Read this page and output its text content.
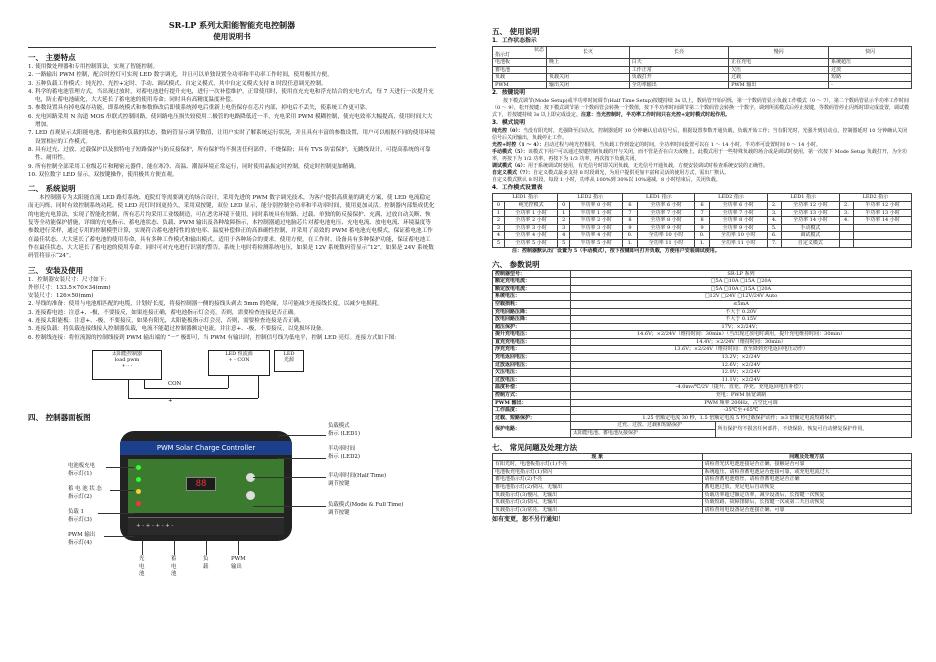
SR-LP 系列太阳能智能充电控制器
使用说明书
一、 主要特点
1. 使用微处理器和专用控制算法，实现了智能控制。
2. 一路输出 PWM 控制，配合时控灯可实现 LED 数字调光，并且可以单独设置全功率和半功率工作时间，使用极其方便。
3. 五种负载工作模式：纯光控、光控+定时、手动、调试模式、自定义模式，其中自定义模式支持 8 时段任意调光控制。
4. 科学的蓄电池管理方式，当出现过放时，对蓄电池进行提升充电，进行一次补偿维护，正常使用时，使用直充充电和浮充结合的充电方式，每 7 天进行一次提升充电，防止蓄电池硫化，大大延长了蓄电池的使用寿命；同时具有高精度温度补偿。
5. 参数设置具有掉电保存功能，即系统模式和参数修改后即使系统掉电后重新上电仍保存在芯片内部，掉电后不丢失，使系统工作更可靠。
6. 充电回路采用 N 沟道 MOS 串联式控制回路，使回路电压损失较使用二极管的电路降低近一半，充电采用 PWM 模糊控制，使充电效率大幅提高，使用时间大大增加。
7. LED 直观显示太阳能电池、蓄电池和负载的状态，数码管显示调节数值，让用户实时了解系统运行状况，并且具有丰富的参数设置，用户可以根据不同的使用环境设置相应的工作模式。
8. 具有过充、过放、过载保护以及独特电子短路保护与防反接保护，所有保护均不损害任何部件，不烧保险；具有 TVS 防雷保护，无跳线设计，可提高系统的可靠性、耐用性。
9. 所有控制全部采用工业级芯片和精密元器件，能在寒冷、高温、潮湿环境正常运行，同时使用晶振定时控制，使定时控制更加精确。
10. 双位数字 LED 显示，双按键操作，使用极其方便直观。
二、 系统说明
本控制器专为太阳能直流 LED 路灯系统、庭院灯等需要调光的场合设计，采用先进的 PWM 数字调光技术，为客户提供高质量的调光方案，使 LED 电流稳定而无闪烁，同时有效控制系统功耗。使 LED 亮灯时间更持久，采用双按键，双位 LED 显示，能分别控制全功率和半功率时间，使用更加灵活。控制器内部集成优化的电池充电算法，实现了智能化控制，所有芯片均采用工业级制造，可在恶劣环境下使用，同时系统具有短路、过载、单独的防反接保护、充满、过放自动关断、恢复等全功能保护措施，详细的充电指示、蓄电池状态、负载、PWM 输出及各种故障指示，本控制器通过电脑芯片对蓄电池电压、充电电流、放电电流、环境温度等参数进行采样，通过专用的控制模型计算，实现符合蓄电池特性的放电率、温度补偿修正的高准确性控制，并采用了高效的 PWM 蓄电池充电模式，保证蓄电池工作在最佳状态，大大延长了蓄电池的使用寿命，具有多种工作模式和输出模式。适用于各种场合的要求，使用方便，在工作时，设备具有多种保护功能，保证蓄电池工作在最佳状态，大大延长了蓄电池的使用寿命。同时可对充电进行识别的警告。系统上电时将检测系统电压，如果是 12V 系统数码管显示“12”，如果是 24V 系统数码管将显示“24”。
三、 安装及使用
1．控制器安装尺寸：尺寸如下：
外形尺寸：133.5×70×34(mm)
安装尺寸：126×50(mm)
2. 导线的准备：使用与电池相匹配的电缆，计划好长度，将接控制器一侧的接线头剥去 5mm 的绝缘，尽可能减少连接线长度，以减少电损耗。
3. 连接蓄电池：注意+、-极，不要接反，如果连接正确，蓄电池指示灯会亮，否则，需要检查连接是否正确。
4. 连接太阳能板：注意+、-极，不要接反，如果有阳光，太阳能板指示灯会亮，否则，需要检查连接是否正确。
5. 连接负载：将负载连接线接入控制器负载，电流不能超过控制器额定电流。并注意+、-极，不要接反，以免损坏设备。
6. 控制线连接：将恒流源的控制线接到 PWM 输出端的 “－” 极即可，当 PWM 有输出时，控制信号线为低电平，控制 LED 亮灯。连接方式如下图：
太阳能控制器
load pwm
+ - -
LED 恒流源
+ - CON
LED
光源
CON
+
四、 控制器面板图
电池板充电
指示灯(1)
蓄 电 池 状 态
指示灯(2)
负载 1
指示灯(3)
PWM 输出
指示灯(4)
PWM Solar Charge Controller
88
+ - + - + - + -
负载模式
指示 (LED1)
半功率时间
指示 (LED2)
半功率时间(Half Time)
调节按键
负载模式(Mode & Full Time)
调节按键
光
电
池
蓄
电
池
负
载
PWM
输出
五、 使用说明
1．工作状态指示
状态
指示灯	长灭	长亮	慢闪	快闪
电池板	晚上	白天	正在充电	系统超压
蓄电池		工作正常	欠压	过放
负载	负载关闭	负载打开	过载	短路
PWM	输出关闭	全功率输出	PWM 输出	-
2．按键说明
按下模式调节(Mode Setup)或半功率时间调节(Half Time Setup)按键持续 3s 以上，数码管开始闪烁，第一个数码管显示负载工作模式（0 ～ 7），第二个数码管显示半功率工作时间（0 ～ 9），松开按键；按下模式调节第一个数码管会转换一个数值，按下半功率时间调节第二个数码管会转换一个数字，调到所需模式后停止按键，等数码管停止闪烁时即完成设置，调试模式下，若按键持续 3s 以上即完成设定。注意：当光控制时，半功率工作时间只在光控+定时模式时起作用。
3．模式说明
纯光控（0）：当没有阳光时，光强降至启动点，控制器延时 10 分钟确认启动信号后，根据设置参数开通负载，负载开始工作；当有阳光时，光强升到启动点，控制器延时 10 分钟确认关闭信号后关闭输出，负载停止工作。
光控+时控（1 ～ 4）：启动过程与纯光控相同，当负载工作到设定的时间，全功率时间设置可以在 1 ～ 14 小时，半功率可设置时间 0 ～ 14 小时。
手动模式（5）：该模式下用户可以通过按键控制负载的开与关闭，而不管是否在白天或晚上，此模式用于一些特殊负载的场合或是调试时使用，第一次按下 Mode Setup 负载打开，为全功率，再按下为 1/2 功率，再按下为 1/3 功率，再次按下负载关闭。
调试模式（6）：用于系统调试时使用，有光信号时即关闭负载，无光信号开通负载，方便安装调试时检查系统安装的正确性。
自定义模式（7）：自定义模式最多支持 8 时段调光，为用户提供更加丰富和灵活的使用方式，需出厂默认。
自定义模式默认 8 时段，每段 1 小时，功率从 100%到 30%以 10%递减，8 小时结束后，关闭负载。
4．工作模式设置表
LED1 指示		LED2 指示		LED1 指示		LED2 指示		LED1 指示		LED2 指示	
0	纯光控模式	0	半功率 0 小时	6	全功率 6 小时	6	全功率 6 小时	2.	全功率 12 小时	2.	半功率 12 小时
1	全功率 1 小时	1	半功率 1 小时	7	全功率 7 小时	7	全功率 7 小时	3.	全功率 13 小时	3.	半功率 13 小时
2	全功率 2 小时	2	半功率 2 小时	8	全功率 8 小时	8	全功率 8 小时	4.	全功率 14 小时	4.	半功率 14 小时
3	全功率 3 小时	3	半功率 3 小时	9	全功率 9 小时	9	全功率 9 小时	5.	手动模式		
4	全功率 4 小时	4	半功率 4 小时	0.	全功率 10 小时	0.	全功率 10 小时	6.	调试模式		
5	全功率 5 小时	5	半功率 5 小时	1.	全功率 11 小时	1.	全功率 11 小时	7.	自定义模式		
注：控制器默认出厂设置为 5（手动模式），按下按键即可打开负载，方便用户安装调试使用。
六、 参数说明
控制器型号：	SR-LP 系列	
额定充电电流：	□5A □10A □15A □20A	
额定放电电流：	□5A □10A □15A □20A	
系统电压：	□12V □24V □12V/24V Auto	
空载损耗：	≤5mA	
充电回路压降：	不大于 0.20V	
放电回路压降：	不大于 0.15V	
超压保护：	17V；×2/24V；	
提升充电电压：	14.6V；×2/24V（维持时间：30min）（当出现过放电时调用，提升充电维持时间：30min）	
直充充电电压：	14.4V；×2/24V（维持时间：30min）	
浮充充电：	13.6V；×2/24V（维持时间：直至降到充电返回电压动作）	
充电返回电压：	13.2V；×2/24V	
过放返回电压：	12.6V；×2/24V	
欠压电压：	12.0V；×2/24V	
过放电压：	11.1V；×2/24V	
温度补偿：	-4.0mv/℃/2V（提升、直充、浮充、充电返回电压补偿）；	
控制方式：	充电：PWM 脉宽调制	
PWM 输出：	PWM 频率 200Hz，占空比可调	
工作温度：	-35℃至+65℃	
过载、短路保护：	1.25 倍额定电流 30 秒，1.5 倍额定电流 5 秒过载保护动作；≥3 倍额定电流短路保护。	
保护电路：	过充、过放、过载和短路保护	所有保护均不损害任何部件，不烧保险，恢复可自动修复保护作用。
	太阳能电池、蓄电池反接保护	
七、 常见问题及处理方法
现 象	问题及处理方法
有阳光时，电池板指示灯(1)不亮	请检查光伏电池连接是否正确，接触是否可靠
电池板充电指示灯(1)快闪	系统超压，请检查蓄电池是否连接可靠，或充电电流过大
蓄电池指示灯(2)不亮	请检查蓄电池熔丝，请检查蓄电池是否正确
蓄电池指示灯(2)快闪，无输出	蓄电池过放，充足电后自动恢复
负载指示灯(3)慢闪，无输出	负载功率超过额定功率，减少设备后，长按键一次恢复
负载指示灯(3)快闪，无输出	负载短路，故障排除后，长按键一次或第二天自动恢复
负载指示灯(3)常亮，无输出	请检查用电设备是否连接正确、可靠
如有变更，恕不另行通知！
